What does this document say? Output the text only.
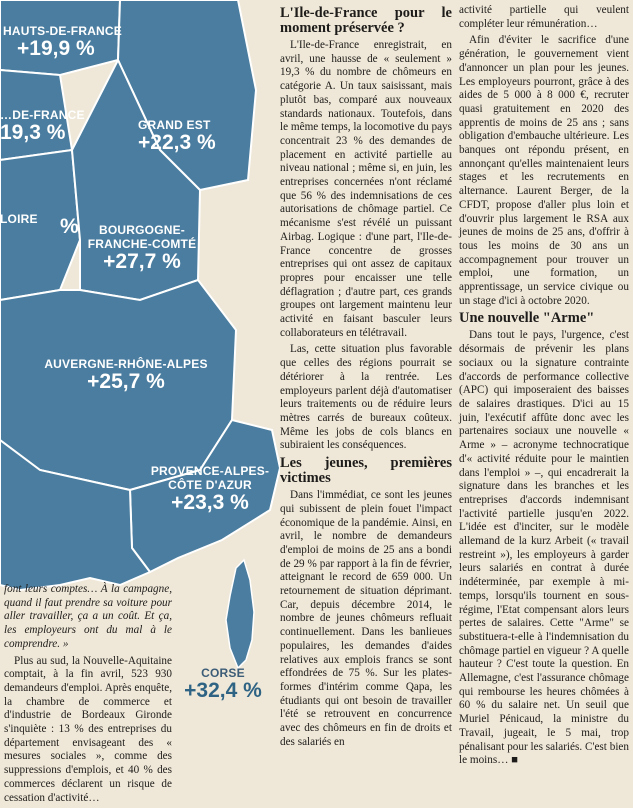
HAUTS-DE-FRANCE
+19,9 %
…DE-FRANCE
19,3 %	GRAND EST
+22,3 %
LOIRE	%	BOURGOGNE-FRANCHE-COMTÉ
+27,7 %
AUVERGNE-RHÔNE-ALPES
+25,7 %
PROVENCE-ALPES-CÔTE D'AZUR
+23,3 %
CORSE
+32,4 %

font leurs comptes… À la campagne, quand il faut prendre sa voiture pour aller travailler, ça a un coût. Et ça, les employeurs ont du mal à le comprendre. »

Plus au sud, la Nouvelle-Aquitaine comptait, à la fin avril, 523 930 demandeurs d'emploi. Après enquête, la chambre de commerce et d'industrie de Bordeaux Gironde s'inquiète : 13 % des entreprises du département envisageant des « mesures sociales », comme des suppressions d'emplois, et 40 % des commerces déclarent un risque de cessation d'activité…

L'Ile-de-France pour le moment préservée ?

L'Ile-de-France enregistrait, en avril, une hausse de « seulement » 19,3 % du nombre de chômeurs en catégorie A. Un taux saisissant, mais plutôt bas, comparé aux nouveaux standards nationaux. Toutefois, dans le même temps, la locomotive du pays concentrait 23 % des demandes de placement en activité partielle au niveau national ; même si, en juin, les entreprises concernées n'ont réclamé que 56 % des indemnisations de ces autorisations de chômage partiel. Ce mécanisme s'est révélé un puissant Airbag. Logique : d'une part, l'Ile-de-France concentre de grosses entreprises qui ont assez de capitaux propres pour encaisser une telle déflagration ; d'autre part, ces grands groupes ont largement maintenu leur activité en faisant basculer leurs collaborateurs en télétravail.

Las, cette situation plus favorable que celles des régions pourrait se détériorer à la rentrée. Les employeurs parlent déjà d'automatiser leurs traitements ou de réduire leurs mètres carrés de bureaux coûteux. Même les jobs de cols blancs en subiraient les conséquences.

Les jeunes, premières victimes

Dans l'immédiat, ce sont les jeunes qui subissent de plein fouet l'impact économique de la pandémie. Ainsi, en avril, le nombre de demandeurs d'emploi de moins de 25 ans a bondi de 29 % par rapport à la fin de février, atteignant le record de 659 000. Un retournement de situation déprimant. Car, depuis décembre 2014, le nombre de jeunes chômeurs refluait continuellement. Dans les banlieues populaires, les demandes d'aides relatives aux emplois francs se sont effondrées de 75 %. Sur les plates-formes d'intérim comme Qapa, les étudiants qui ont besoin de travailler l'été se retrouvent en concurrence avec des chômeurs en fin de droits et des salariés en

activité partielle qui veulent compléter leur rémunération…

Afin d'éviter le sacrifice d'une génération, le gouvernement vient d'annoncer un plan pour les jeunes. Les employeurs pourront, grâce à des aides de 5 000 à 8 000 €, recruter quasi gratuitement en 2020 des apprentis de moins de 25 ans ; sans obligation d'embauche ultérieure. Les banques ont répondu présent, en annonçant qu'elles maintenaient leurs stages et les recrutements en alternance. Laurent Berger, de la CFDT, propose d'aller plus loin et d'ouvrir plus largement le RSA aux jeunes de moins de 25 ans, d'offrir à tous les moins de 30 ans un accompagnement pour trouver un emploi, une formation, un apprentissage, un service civique ou un stage d'ici à octobre 2020.

Une nouvelle "Arme"

Dans tout le pays, l'urgence, c'est désormais de prévenir les plans sociaux ou la signature contrainte d'accords de performance collective (APC) qui imposeraient des baisses de salaires drastiques. D'ici au 15 juin, l'exécutif affûte donc avec les partenaires sociaux une nouvelle « Arme » – acronyme technocratique d'« activité réduite pour le maintien dans l'emploi » –, qui encadrerait la signature dans les branches et les entreprises d'accords indemnisant l'activité partielle jusqu'en 2022. L'idée est d'inciter, sur le modèle allemand de la kurz Arbeit (« travail restreint »), les employeurs à garder leurs salariés en contrat à durée indéterminée, par exemple à mi-temps, lorsqu'ils tournent en sous-régime, l'Etat compensant alors leurs pertes de salaires. Cette "Arme" se substituera-t-elle à l'indemnisation du chômage partiel en vigueur ? A quelle hauteur ? C'est toute la question. En Allemagne, c'est l'assurance chômage qui rembourse les heures chômées à 60 % du salaire net. Un seuil que Muriel Pénicaud, la ministre du Travail, jugeait, le 5 mai, trop pénalisant pour les salariés. C'est bien le moins… ■
